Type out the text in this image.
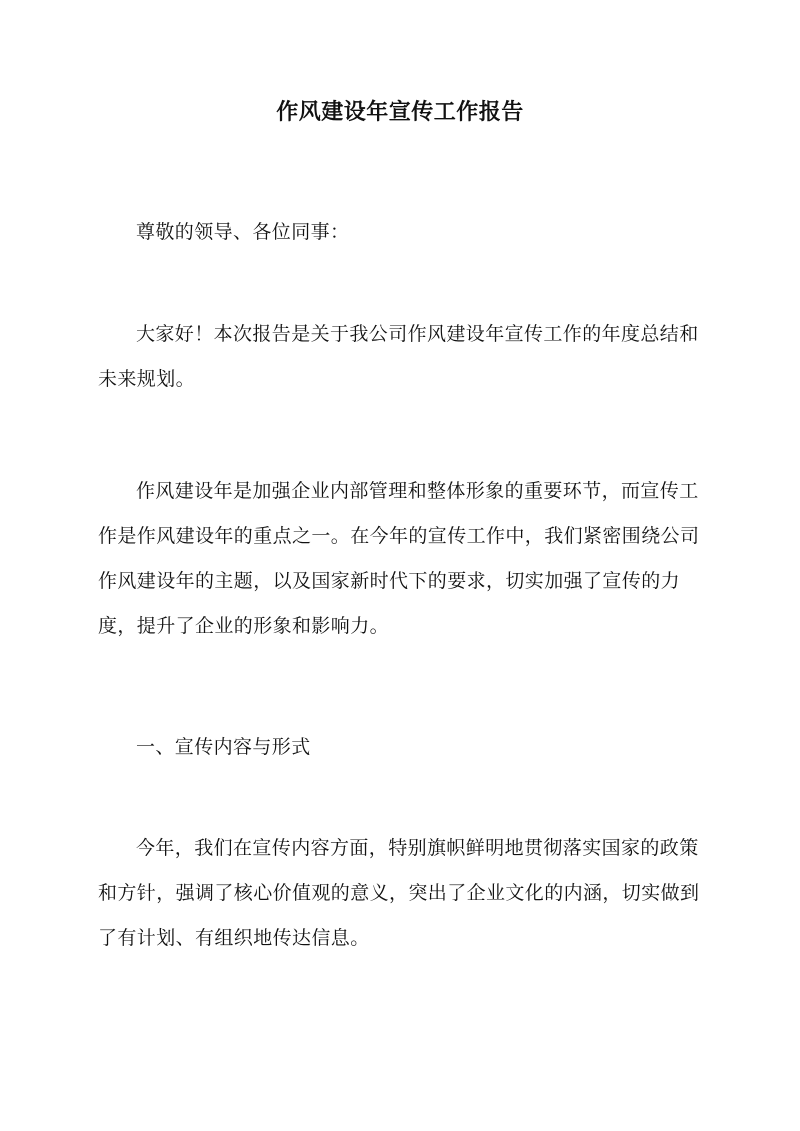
作风建设年宣传工作报告

尊敬的领导、各位同事：

大家好！本次报告是关于我公司作风建设年宣传工作的年度总结和未来规划。

作风建设年是加强企业内部管理和整体形象的重要环节，而宣传工作是作风建设年的重点之一。在今年的宣传工作中，我们紧密围绕公司作风建设年的主题，以及国家新时代下的要求，切实加强了宣传的力度，提升了企业的形象和影响力。

一、宣传内容与形式

今年，我们在宣传内容方面，特别旗帜鲜明地贯彻落实国家的政策和方针，强调了核心价值观的意义，突出了企业文化的内涵，切实做到了有计划、有组织地传达信息。
